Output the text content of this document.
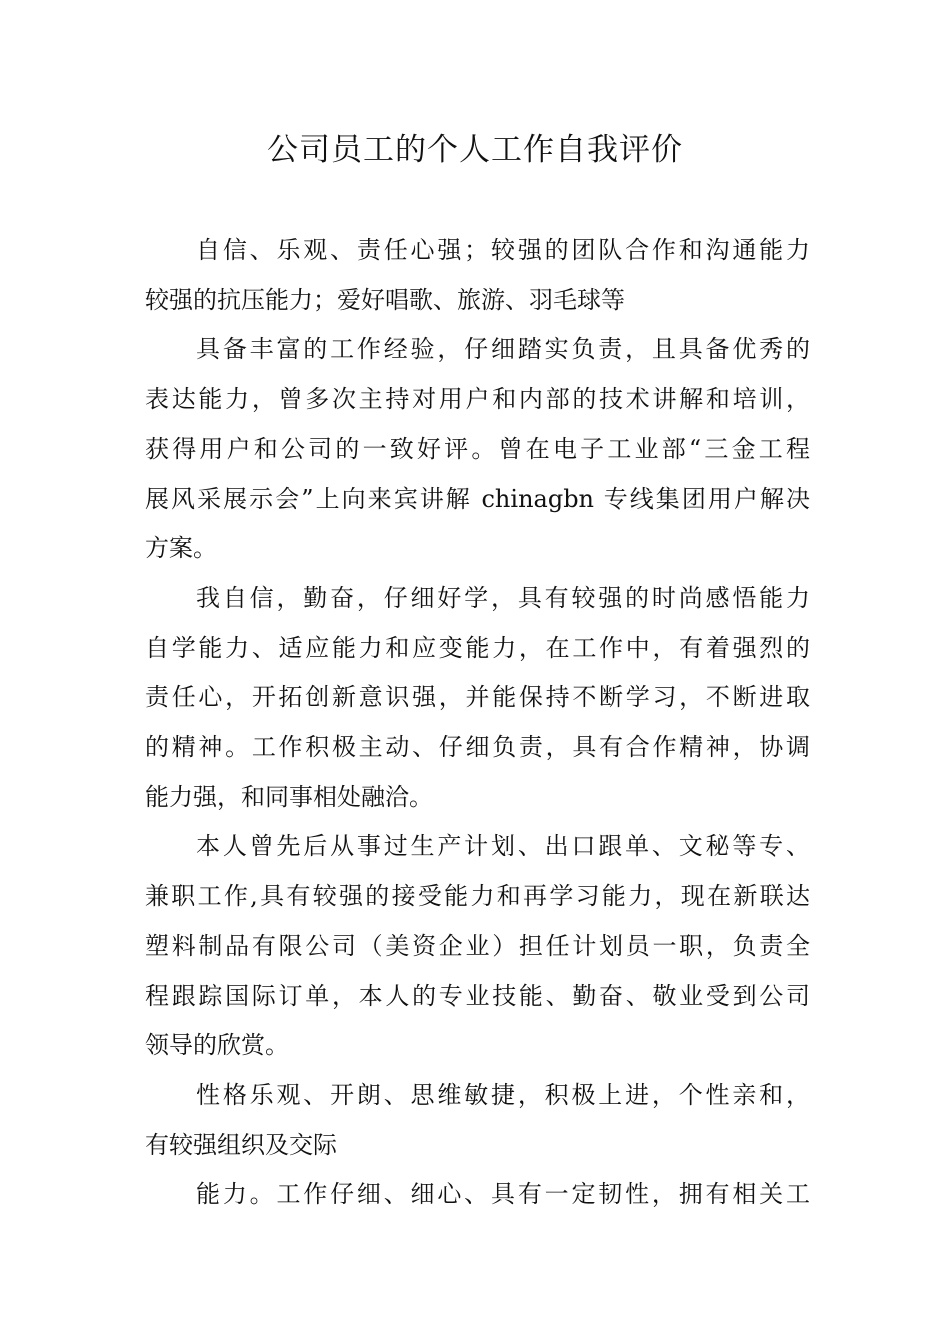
公司员工的个人工作自我评价
自信、乐观、责任心强；较强的团队合作和沟通能力
较强的抗压能力；爱好唱歌、旅游、羽毛球等
具备丰富的工作经验，仔细踏实负责，且具备优秀的
表达能力，曾多次主持对用户和内部的技术讲解和培训，
获得用户和公司的一致好评。曾在电子工业部“三金工程
展风采展示会”上向来宾讲解 chinagbn 专线集团用户解决
方案。
我自信，勤奋，仔细好学，具有较强的时尚感悟能力
自学能力、适应能力和应变能力，在工作中，有着强烈的
责任心，开拓创新意识强，并能保持不断学习，不断进取
的精神。工作积极主动、仔细负责，具有合作精神，协调
能力强，和同事相处融洽。
本人曾先后从事过生产计划、出口跟单、文秘等专、
兼职工作,具有较强的接受能力和再学习能力，现在新联达
塑料制品有限公司（美资企业）担任计划员一职，负责全
程跟踪国际订单，本人的专业技能、勤奋、敬业受到公司
领导的欣赏。
性格乐观、开朗、思维敏捷，积极上进，个性亲和，
有较强组织及交际
能力。工作仔细、细心、具有一定韧性，拥有相关工
